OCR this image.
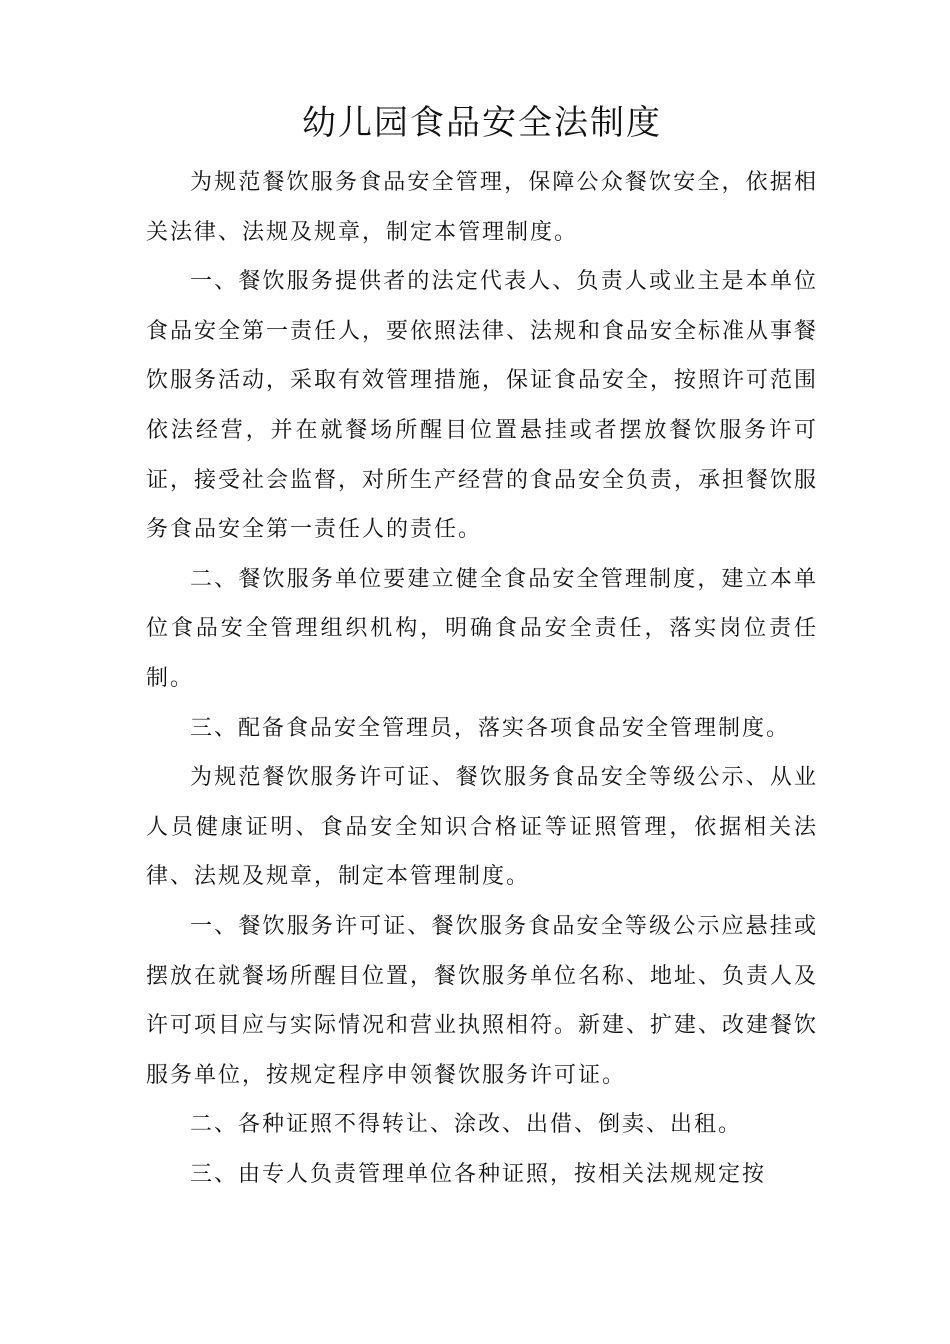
幼儿园食品安全法制度

为规范餐饮服务食品安全管理，保障公众餐饮安全，依据相关法律、法规及规章，制定本管理制度。

一、餐饮服务提供者的法定代表人、负责人或业主是本单位食品安全第一责任人，要依照法律、法规和食品安全标准从事餐饮服务活动，采取有效管理措施，保证食品安全，按照许可范围依法经营，并在就餐场所醒目位置悬挂或者摆放餐饮服务许可证，接受社会监督，对所生产经营的食品安全负责，承担餐饮服务食品安全第一责任人的责任。

二、餐饮服务单位要建立健全食品安全管理制度，建立本单位食品安全管理组织机构，明确食品安全责任，落实岗位责任制。

三、配备食品安全管理员，落实各项食品安全管理制度。

为规范餐饮服务许可证、餐饮服务食品安全等级公示、从业人员健康证明、食品安全知识合格证等证照管理，依据相关法律、法规及规章，制定本管理制度。

一、餐饮服务许可证、餐饮服务食品安全等级公示应悬挂或摆放在就餐场所醒目位置，餐饮服务单位名称、地址、负责人及许可项目应与实际情况和营业执照相符。新建、扩建、改建餐饮服务单位，按规定程序申领餐饮服务许可证。

二、各种证照不得转让、涂改、出借、倒卖、出租。

三、由专人负责管理单位各种证照，按相关法规规定按
